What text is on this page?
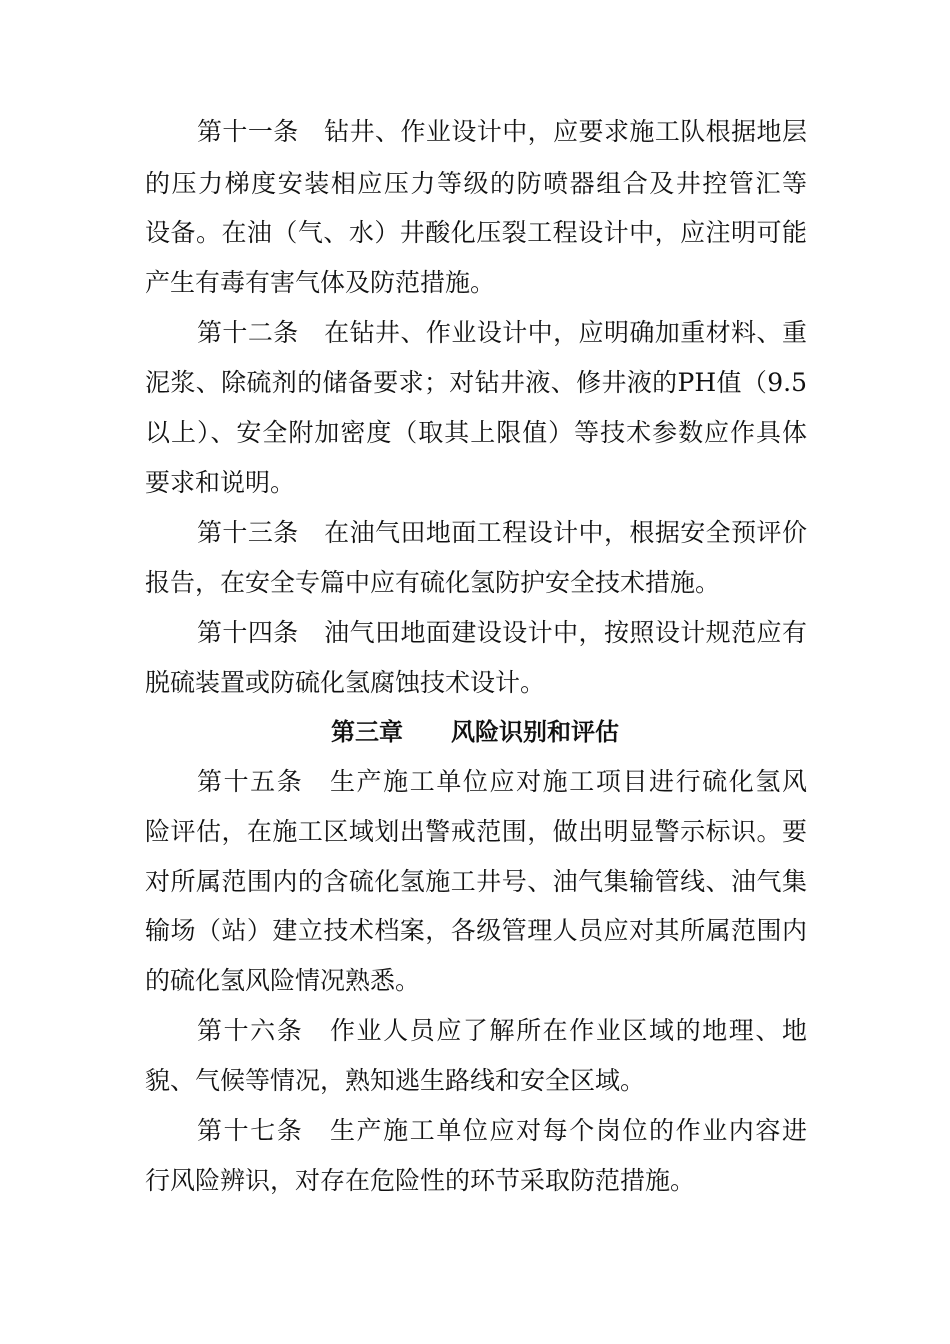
第十一条　钻井、作业设计中，应要求施工队根据地层
的压力梯度安装相应压力等级的防喷器组合及井控管汇等
设备。在油（气、水）井酸化压裂工程设计中，应注明可能
产生有毒有害气体及防范措施。
第十二条　在钻井、作业设计中，应明确加重材料、重
泥浆、除硫剂的储备要求；对钻井液、修井液的PH值（9.5
以上）、安全附加密度（取其上限值）等技术参数应作具体
要求和说明。
第十三条　在油气田地面工程设计中，根据安全预评价
报告，在安全专篇中应有硫化氢防护安全技术措施。
第十四条　油气田地面建设设计中，按照设计规范应有
脱硫装置或防硫化氢腐蚀技术设计。
第三章　　风险识别和评估
第十五条　生产施工单位应对施工项目进行硫化氢风
险评估，在施工区域划出警戒范围，做出明显警示标识。要
对所属范围内的含硫化氢施工井号、油气集输管线、油气集
输场（站）建立技术档案，各级管理人员应对其所属范围内
的硫化氢风险情况熟悉。
第十六条　作业人员应了解所在作业区域的地理、地
貌、气候等情况，熟知逃生路线和安全区域。
第十七条　生产施工单位应对每个岗位的作业内容进
行风险辨识，对存在危险性的环节采取防范措施。
